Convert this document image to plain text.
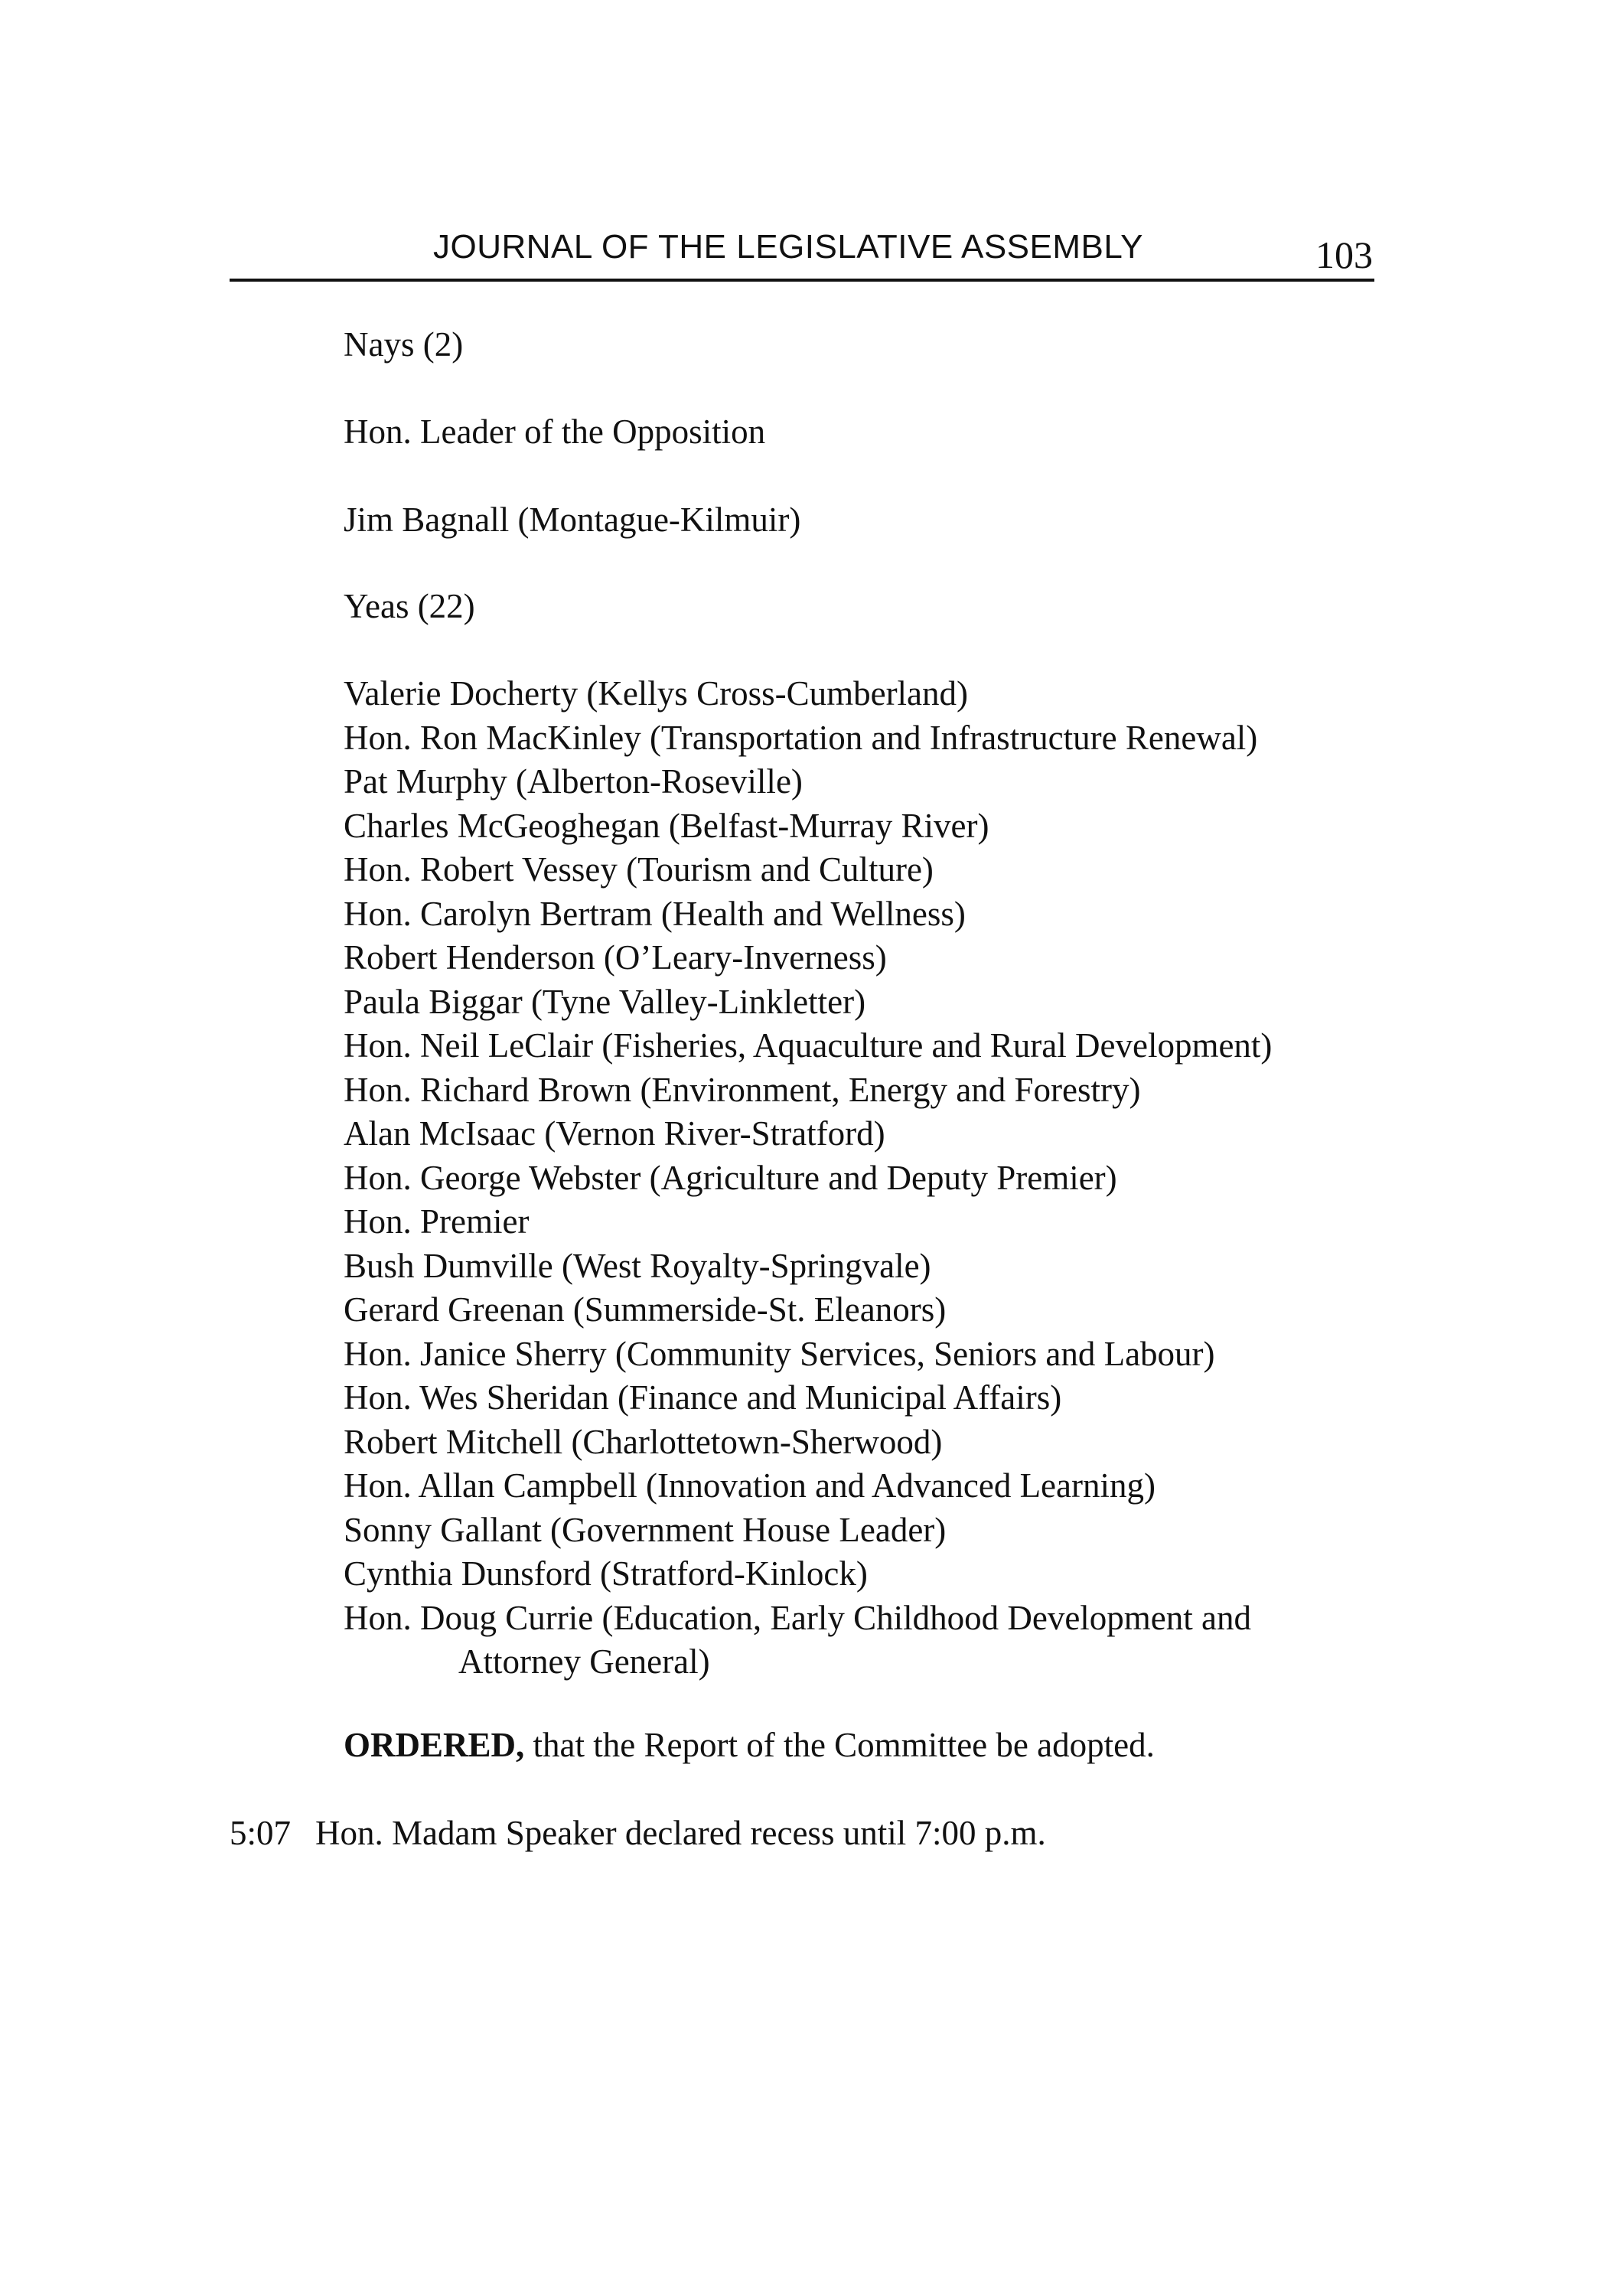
JOURNAL OF THE LEGISLATIVE ASSEMBLY	103
Nays (2)
Hon. Leader of the Opposition
Jim Bagnall (Montague-Kilmuir)
Yeas (22)
Valerie Docherty (Kellys Cross-Cumberland)
Hon. Ron MacKinley (Transportation and Infrastructure Renewal)
Pat Murphy (Alberton-Roseville)
Charles McGeoghegan (Belfast-Murray River)
Hon. Robert Vessey (Tourism and Culture)
Hon. Carolyn Bertram (Health and Wellness)
Robert Henderson (O’Leary-Inverness)
Paula Biggar (Tyne Valley-Linkletter)
Hon. Neil LeClair (Fisheries, Aquaculture and Rural Development)
Hon. Richard Brown (Environment, Energy and Forestry)
Alan McIsaac (Vernon River-Stratford)
Hon. George Webster (Agriculture and Deputy Premier)
Hon. Premier
Bush Dumville (West Royalty-Springvale)
Gerard Greenan (Summerside-St. Eleanors)
Hon. Janice Sherry (Community Services, Seniors and Labour)
Hon. Wes Sheridan (Finance and Municipal Affairs)
Robert Mitchell (Charlottetown-Sherwood)
Hon. Allan Campbell (Innovation and Advanced Learning)
Sonny Gallant (Government House Leader)
Cynthia Dunsford (Stratford-Kinlock)
Hon. Doug Currie (Education, Early Childhood Development and
Attorney General)
ORDERED, that the Report of the Committee be adopted.
5:07 Hon. Madam Speaker declared recess until 7:00 p.m.
